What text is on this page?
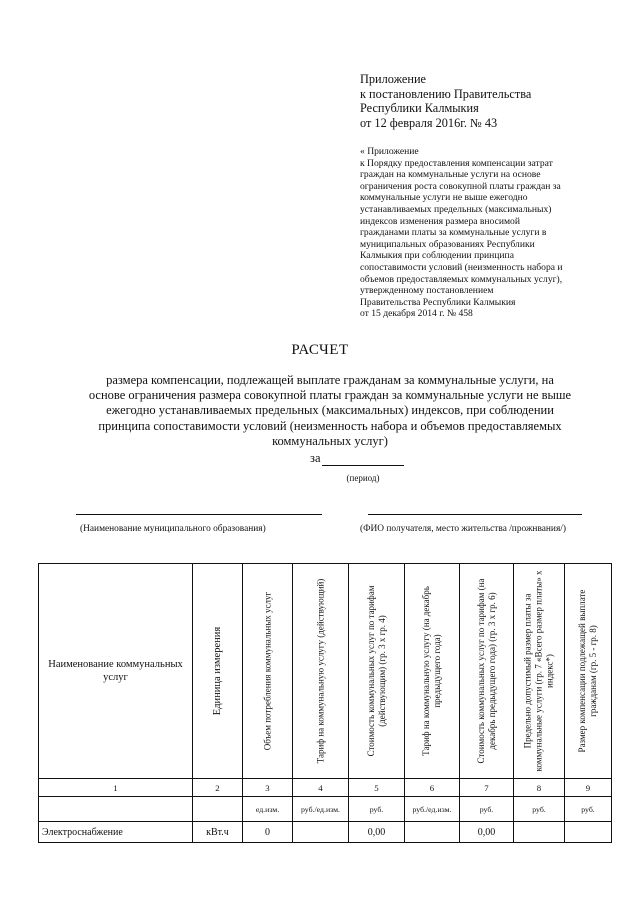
Приложение
к постановлению Правительства
Республики Калмыкия
от 12 февраля 2016г. № 43
« Приложение
к Порядку предоставления компенсации затрат
граждан на коммунальные услуги на основе
ограничения роста совокупной платы граждан за
коммунальные услуги не выше ежегодно
устанавливаемых предельных (максимальных)
индексов изменения размера вносимой
гражданами платы за коммунальные услуги в
муниципальных образованиях Республики
Калмыкия при соблюдении принципа
сопоставимости условий (неизменность набора и
объемов предоставляемых коммунальных услуг),
утвержденному постановлением
Правительства Республики Калмыкия
от 15 декабря 2014 г. № 458
РАСЧЕТ
размера компенсации, подлежащей выплате гражданам за коммунальные услуги, на
основе ограничения размера совокупной платы граждан за коммунальные услуги не выше
ежегодно устанавливаемых предельных (максимальных) индексов, при соблюдении
принципа сопоставимости условий (неизменность набора и объемов предоставляемых
коммунальных услуг)
за
(период)
(Наименование муниципального образования)	(ФИО получателя, место жительства /прожнвания/)
Наименование коммунальных услуг	Единица измерения	Объем потребления коммунальных услуг	Тариф на коммунальную услугу (действующий)	Стоимость коммунальных услуг по тарифам (действующим) (гр. 3 х гр. 4)	Тариф на коммунальную услугу (на декабрь предыдущего года)	Стоимость коммунальных услуг по тарифам (на декабрь предыдущего года) (гр. 3 х гр. 6)	Предельно допустимый размер платы за коммунальные услуги (гр. 7 «Всего размер платы» х индекс*)	Размер компенсации подлежащей выплате гражданам (гр. 5 - гр. 8)

1	2	3	4	5	6	7	8	9
		ед.изм.	руб./ед.изм.	руб.	руб./ед.изм.	руб.	руб.	руб.
Электроснабжение	кВт.ч	0		0,00		0,00		
